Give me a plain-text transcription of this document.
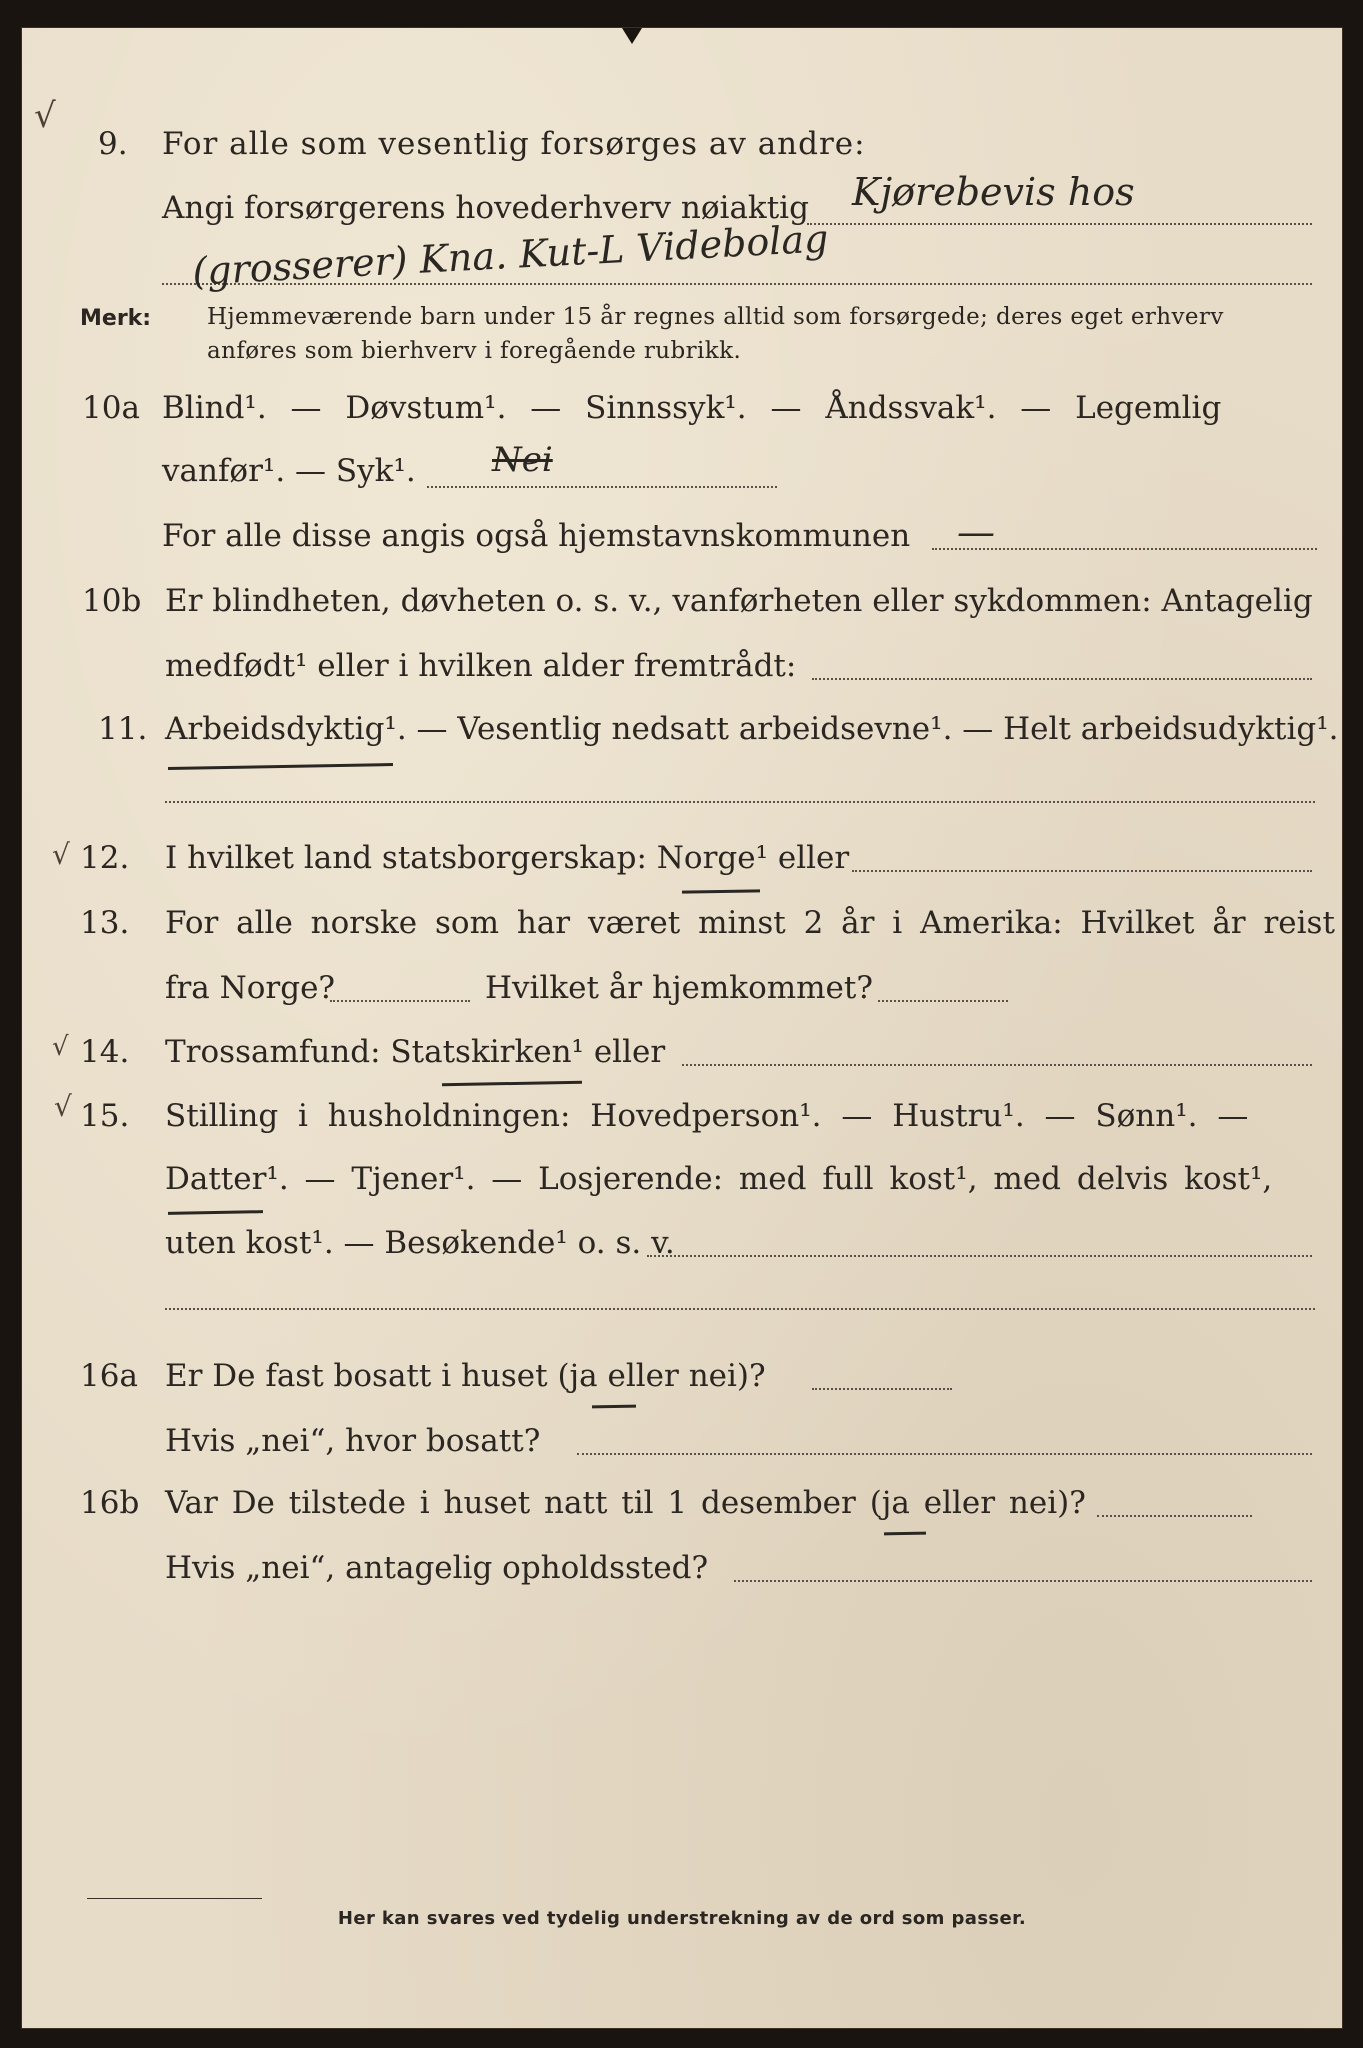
√
9. For alle som vesentlig forsørges av andre:
Angi forsørgerens hovederhverv nøiaktig Kjørebevis hos
(grosserer) Kna. Kut-L Videbolag
Merk: Hjemmeværende barn under 15 år regnes alltid som forsørgede; deres eget erhverv
anføres som bierhverv i foregående rubrikk.
10a Blind¹. — Døvstum¹. — Sinnssyk¹. — Åndssvak¹. — Legemlig
vanfør¹. — Syk¹. Nei
For alle disse angis også hjemstavnskommunen —
10b Er blindheten, døvheten o. s. v., vanførheten eller sykdommen: Antagelig
medfødt¹ eller i hvilken alder fremtrådt:
11. Arbeidsdyktig¹. — Vesentlig nedsatt arbeidsevne¹. — Helt arbeidsudyktig¹.
√ 12. I hvilket land statsborgerskap: Norge¹ eller
13. For alle norske som har været minst 2 år i Amerika: Hvilket år reist
fra Norge?	Hvilket år hjemkommet?
√ 14. Trossamfund: Statskirken¹ eller
√ 15. Stilling i husholdningen: Hovedperson¹. — Hustru¹. — Sønn¹. —
Datter¹. — Tjener¹. — Losjerende: med full kost¹, med delvis kost¹,
uten kost¹. — Besøkende¹ o. s. v.
16a Er De fast bosatt i huset (ja eller nei)?
Hvis „nei“, hvor bosatt?
16b Var De tilstede i huset natt til 1 desember (ja eller nei)?
Hvis „nei“, antagelig opholdssted?
Her kan svares ved tydelig understrekning av de ord som passer.
